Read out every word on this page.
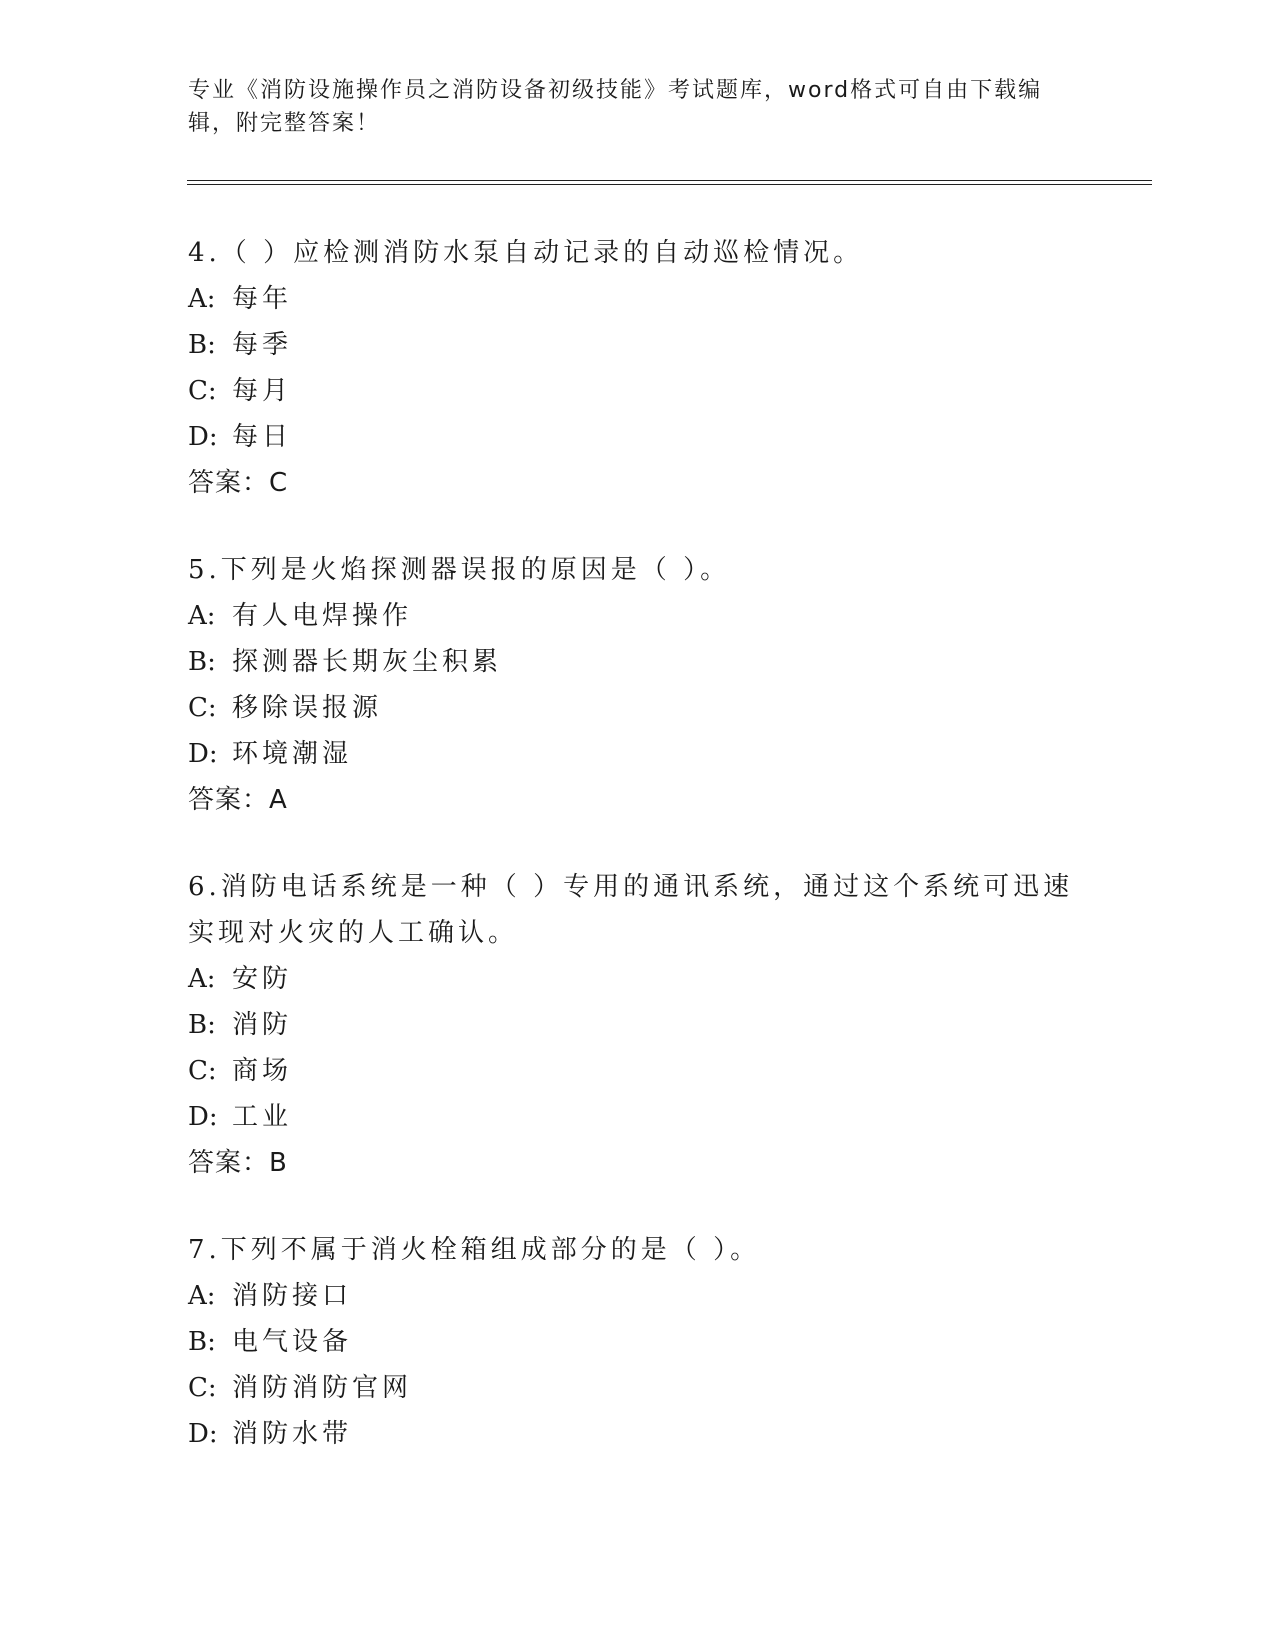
专业《消防设施操作员之消防设备初级技能》考试题库，word格式可自由下载编辑，附完整答案！

4.（ ）应检测消防水泵自动记录的自动巡检情况。

A: 每年

B: 每季

C: 每月

D: 每日

答案：C

5.下列是火焰探测器误报的原因是（ ）。

A: 有人电焊操作

B: 探测器长期灰尘积累

C: 移除误报源

D: 环境潮湿

答案：A

6.消防电话系统是一种（ ）专用的通讯系统，通过这个系统可迅速实现对火灾的人工确认。

A: 安防

B: 消防

C: 商场

D: 工业

答案：B

7.下列不属于消火栓箱组成部分的是（ ）。

A: 消防接口

B: 电气设备

C: 消防消防官网

D: 消防水带
